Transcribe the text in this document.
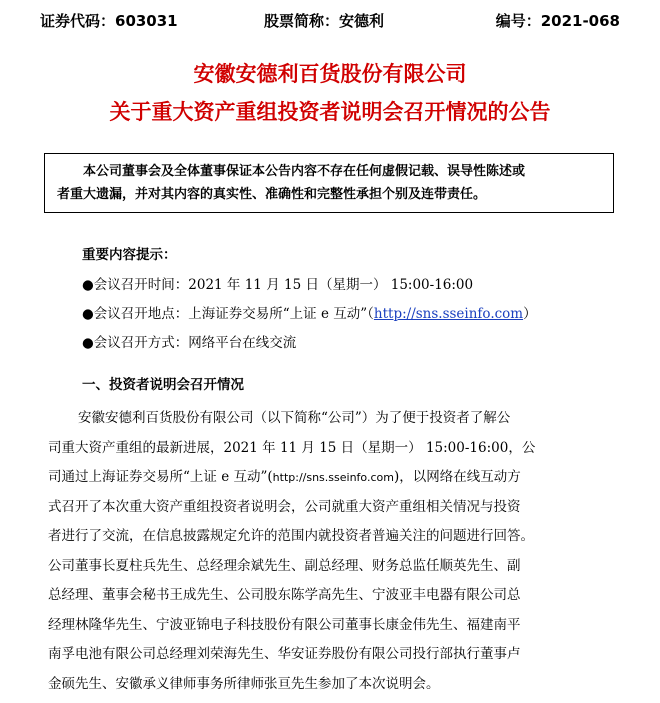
证券代码：603031	股票简称：安德利	编号：2021-068
安徽安德利百货股份有限公司
关于重大资产重组投资者说明会召开情况的公告

本公司董事会及全体董事保证本公告内容不存在任何虚假记载、误导性陈述或

者重大遗漏，并对其内容的真实性、准确性和完整性承担个别及连带责任。
重要内容提示：
●会议召开时间：2021 年 11 月 15 日（星期一） 15:00-16:00
●会议召开地点：上海证券交易所“上证 e 互动”（http://sns.sseinfo.com）
●会议召开方式：网络平台在线交流
一、投资者说明会召开情况
安徽安德利百货股份有限公司（以下简称“公司”）为了便于投资者了解公
司重大资产重组的最新进展，2021 年 11 月 15 日（星期一） 15:00-16:00，公
司通过上海证券交易所“上证 e 互动”(http://sns.sseinfo.com)，以网络在线互动方
式召开了本次重大资产重组投资者说明会，公司就重大资产重组相关情况与投资
者进行了交流，在信息披露规定允许的范围内就投资者普遍关注的问题进行回答。
公司董事长夏柱兵先生、总经理余斌先生、副总经理、财务总监任顺英先生、副
总经理、董事会秘书王成先生、公司股东陈学高先生、宁波亚丰电器有限公司总
经理林隆华先生、宁波亚锦电子科技股份有限公司董事长康金伟先生、福建南平
南孚电池有限公司总经理刘荣海先生、华安证券股份有限公司投行部执行董事卢
金硕先生、安徽承义律师事务所律师张亘先生参加了本次说明会。
